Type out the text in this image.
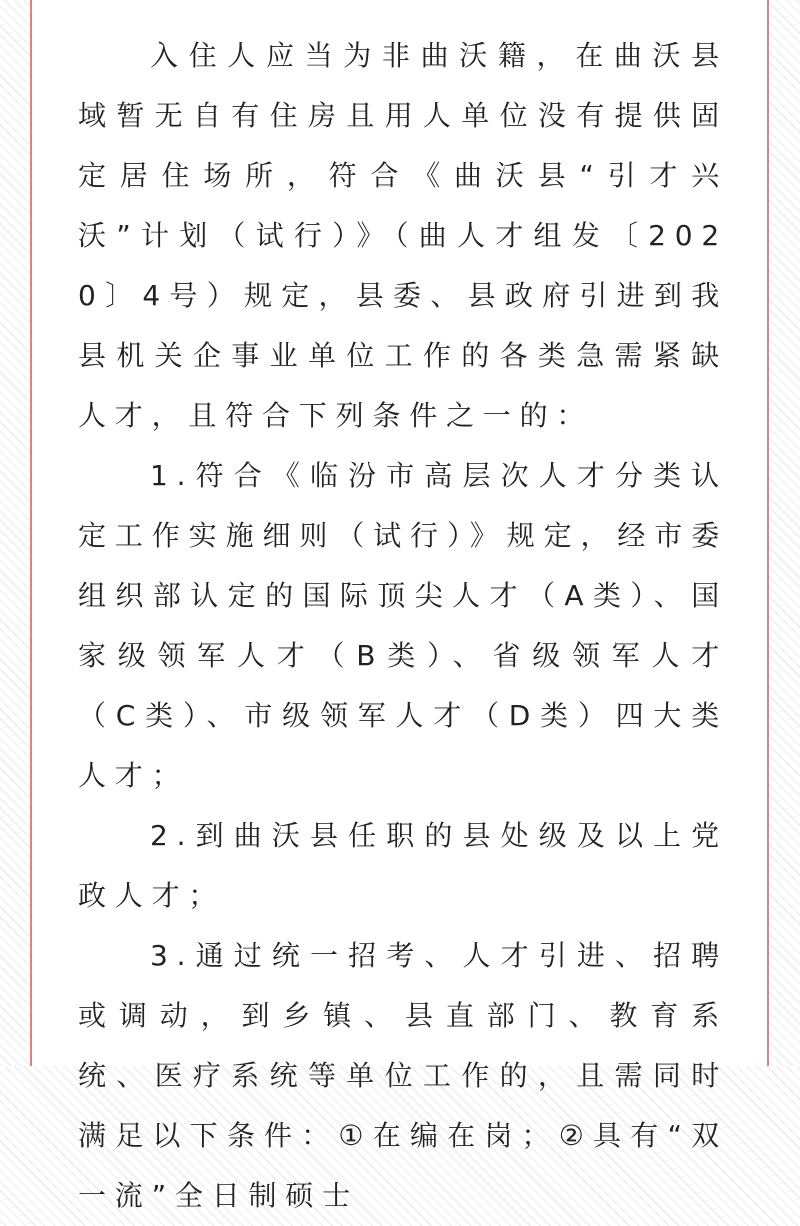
入住人应当为非曲沃籍，在曲沃县域暂无自有住房且用人单位没有提供固定居住场所，符合《曲沃县“引才兴沃”计划（试行）》（曲人才组发〔2020〕4号）规定，县委、县政府引进到我县机关企事业单位工作的各类急需紧缺人才，且符合下列条件之一的：

1.符合《临汾市高层次人才分类认定工作实施细则（试行）》规定，经市委组织部认定的国际顶尖人才（A类）、国家级领军人才（B类）、省级领军人才（C类）、市级领军人才（D类）四大类人才；

2.到曲沃县任职的县处级及以上党政人才；

3.通过统一招考、人才引进、招聘或调动，到乡镇、县直部门、教育系统、医疗系统等单位工作的，且需同时满足以下条件：①在编在岗；②具有“双一流”全日制硕士
